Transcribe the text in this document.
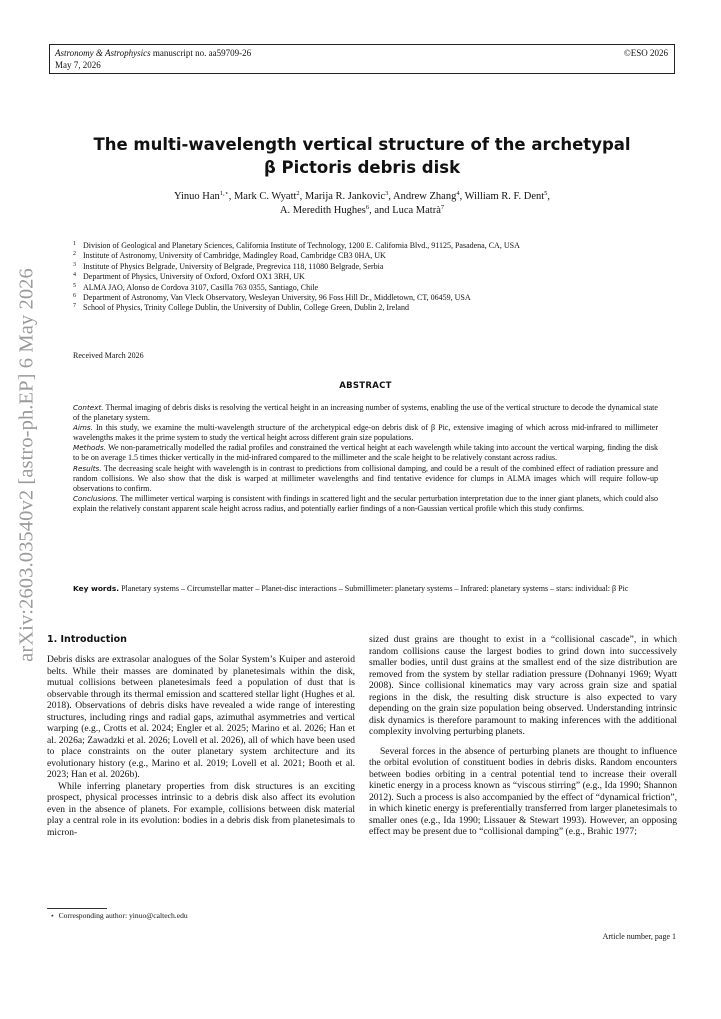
Astronomy & Astrophysics manuscript no. aa59709-26
May 7, 2026
©ESO 2026
arXiv:2603.03540v2 [astro-ph.EP] 6 May 2026
The multi-wavelength vertical structure of the archetypal
β Pictoris debris disk
Yinuo Han$^{1,⋆}$, Mark C. Wyatt$^2$, Marija R. Jankovic$^3$, Andrew Zhang$^4$, William R. F. Dent$^5$,
A. Meredith Hughes$^6$, and Luca Matrà$^7$
1 Division of Geological and Planetary Sciences, California Institute of Technology, 1200 E. California Blvd., 91125, Pasadena, CA, USA
2 Institute of Astronomy, University of Cambridge, Madingley Road, Cambridge CB3 0HA, UK
3 Institute of Physics Belgrade, University of Belgrade, Pregrevica 118, 11080 Belgrade, Serbia
4 Department of Physics, University of Oxford, Oxford OX1 3RH, UK
5 ALMA JAO, Alonso de Cordova 3107, Casilla 763 0355, Santiago, Chile
6 Department of Astronomy, Van Vleck Observatory, Wesleyan University, 96 Foss Hill Dr., Middletown, CT, 06459, USA
7 School of Physics, Trinity College Dublin, the University of Dublin, College Green, Dublin 2, Ireland
Received March 2026
ABSTRACT

Context. Thermal imaging of debris disks is resolving the vertical height in an increasing number of systems, enabling the use of the vertical structure to decode the dynamical state of the planetary system.

Aims. In this study, we examine the multi-wavelength structure of the archetypical edge-on debris disk of β Pic, extensive imaging of which across mid-infrared to millimeter wavelengths makes it the prime system to study the vertical height across different grain size populations.

Methods. We non-parametrically modelled the radial profiles and constrained the vertical height at each wavelength while taking into account the vertical warping, finding the disk to be on average 1.5 times thicker vertically in the mid-infrared compared to the millimeter and the scale height to be relatively constant across radius.

Results. The decreasing scale height with wavelength is in contrast to predictions from collisional damping, and could be a result of the combined effect of radiation pressure and random collisions. We also show that the disk is warped at millimeter wavelengths and find tentative evidence for clumps in ALMA images which will require follow-up observations to confirm.

Conclusions. The millimeter vertical warping is consistent with findings in scattered light and the secular perturbation interpretation due to the inner giant planets, which could also explain the relatively constant apparent scale height across radius, and potentially earlier findings of a non-Gaussian vertical profile which this study confirms.

Key words. Planetary systems – Circumstellar matter – Planet-disc interactions – Submillimeter: planetary systems – Infrared: planetary systems – stars: individual: β Pic
1. Introduction

Debris disks are extrasolar analogues of the Solar System’s Kuiper and asteroid belts. While their masses are dominated by planetesimals within the disk, mutual collisions between planetesimals feed a population of dust that is observable through its thermal emission and scattered stellar light (Hughes et al. 2018). Observations of debris disks have revealed a wide range of interesting structures, including rings and radial gaps, azimuthal asymmetries and vertical warping (e.g., Crotts et al. 2024; Engler et al. 2025; Marino et al. 2026; Han et al. 2026a; Zawadzki et al. 2026; Lovell et al. 2026), all of which have been used to place constraints on the outer planetary system architecture and its evolutionary history (e.g., Marino et al. 2019; Lovell et al. 2021; Booth et al. 2023; Han et al. 2026b).

While inferring planetary properties from disk structures is an exciting prospect, physical processes intrinsic to a debris disk also affect its evolution even in the absence of planets. For example, collisions between disk material play a central role in its evolution: bodies in a debris disk from planetesimals to micron-

sized dust grains are thought to exist in a “collisional cascade”, in which random collisions cause the largest bodies to grind down into successively smaller bodies, until dust grains at the smallest end of the size distribution are removed from the system by stellar radiation pressure (Dohnanyi 1969; Wyatt 2008). Since collisional kinematics may vary across grain size and spatial regions in the disk, the resulting disk structure is also expected to vary depending on the grain size population being observed. Understanding intrinsic disk dynamics is therefore paramount to making inferences with the additional complexity involving perturbing planets.

Several forces in the absence of perturbing planets are thought to influence the orbital evolution of constituent bodies in debris disks. Random encounters between bodies orbiting in a central potential tend to increase their overall kinetic energy in a process known as “viscous stirring” (e.g., Ida 1990; Shannon 2012). Such a process is also accompanied by the effect of “dynamical friction”, in which kinetic energy is preferentially transferred from larger planetesimals to smaller ones (e.g., Ida 1990; Lissauer & Stewart 1993). However, an opposing effect may be present due to “collisional damping” (e.g., Brahic 1977;

⋆ Corresponding author: yinuo@caltech.edu
Article number, page 1
